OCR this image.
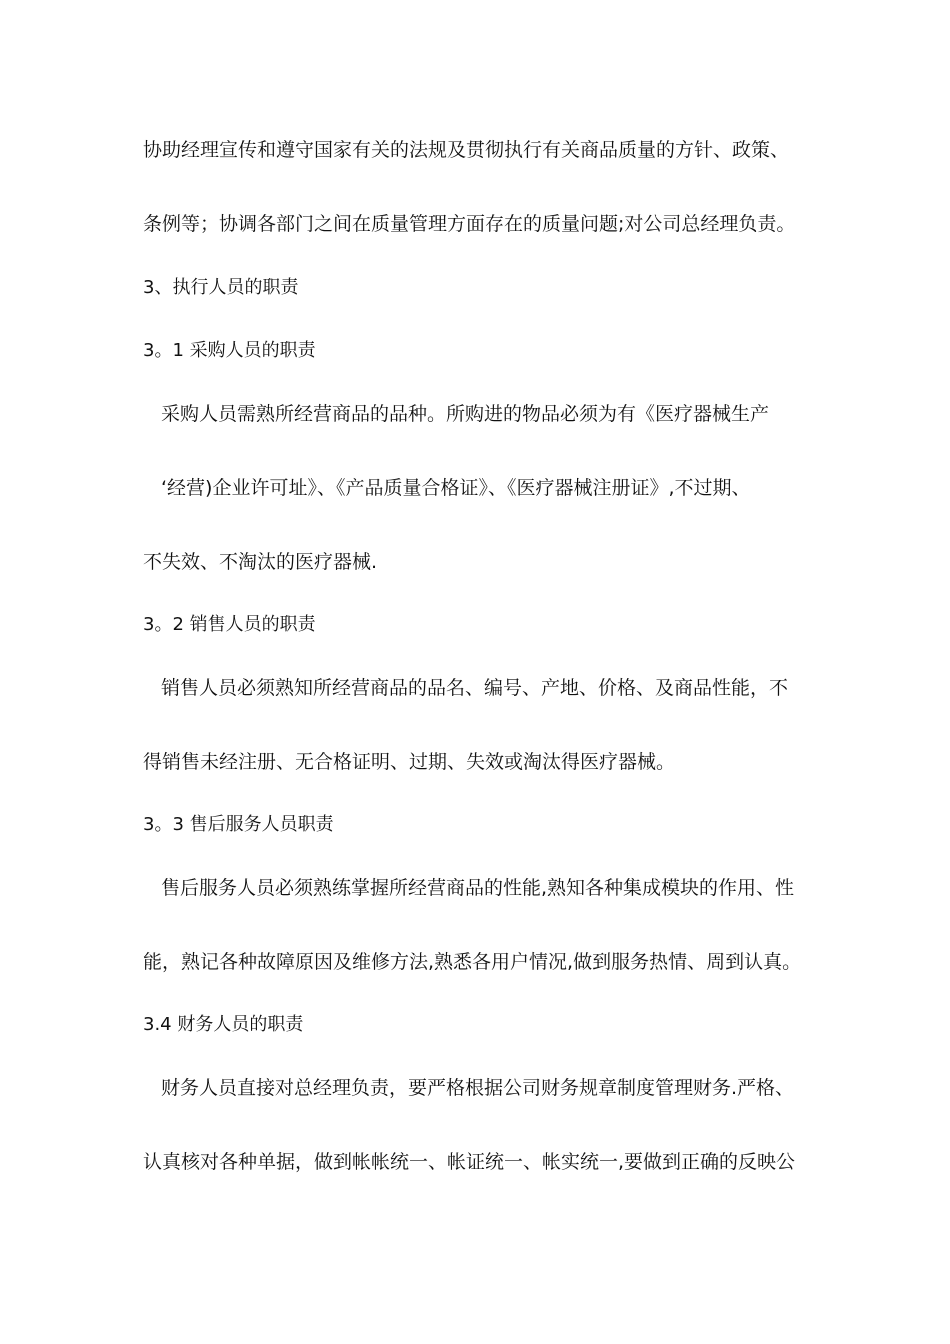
协助经理宣传和遵守国家有关的法规及贯彻执行有关商品质量的方针、政策、
条例等；协调各部门之间在质量管理方面存在的质量问题;对公司总经理负责。
3、执行人员的职责
3。1 采购人员的职责
采购人员需熟所经营商品的品种。所购进的物品必须为有《医疗器械生产
‘经营)企业许可址》、《产品质量合格证》、《医疗器械注册证》,不过期、
不失效、不淘汰的医疗器械.
3。2 销售人员的职责
销售人员必须熟知所经营商品的品名、编号、产地、价格、及商品性能，不
得销售未经注册、无合格证明、过期、失效或淘汰得医疗器械。
3。3 售后服务人员职责
售后服务人员必须熟练掌握所经营商品的性能,熟知各种集成模块的作用、性
能，熟记各种故障原因及维修方法,熟悉各用户情况,做到服务热情、周到认真。
3.4 财务人员的职责
财务人员直接对总经理负责，要严格根据公司财务规章制度管理财务.严格、
认真核对各种单据，做到帐帐统一、帐证统一、帐实统一,要做到正确的反映公
